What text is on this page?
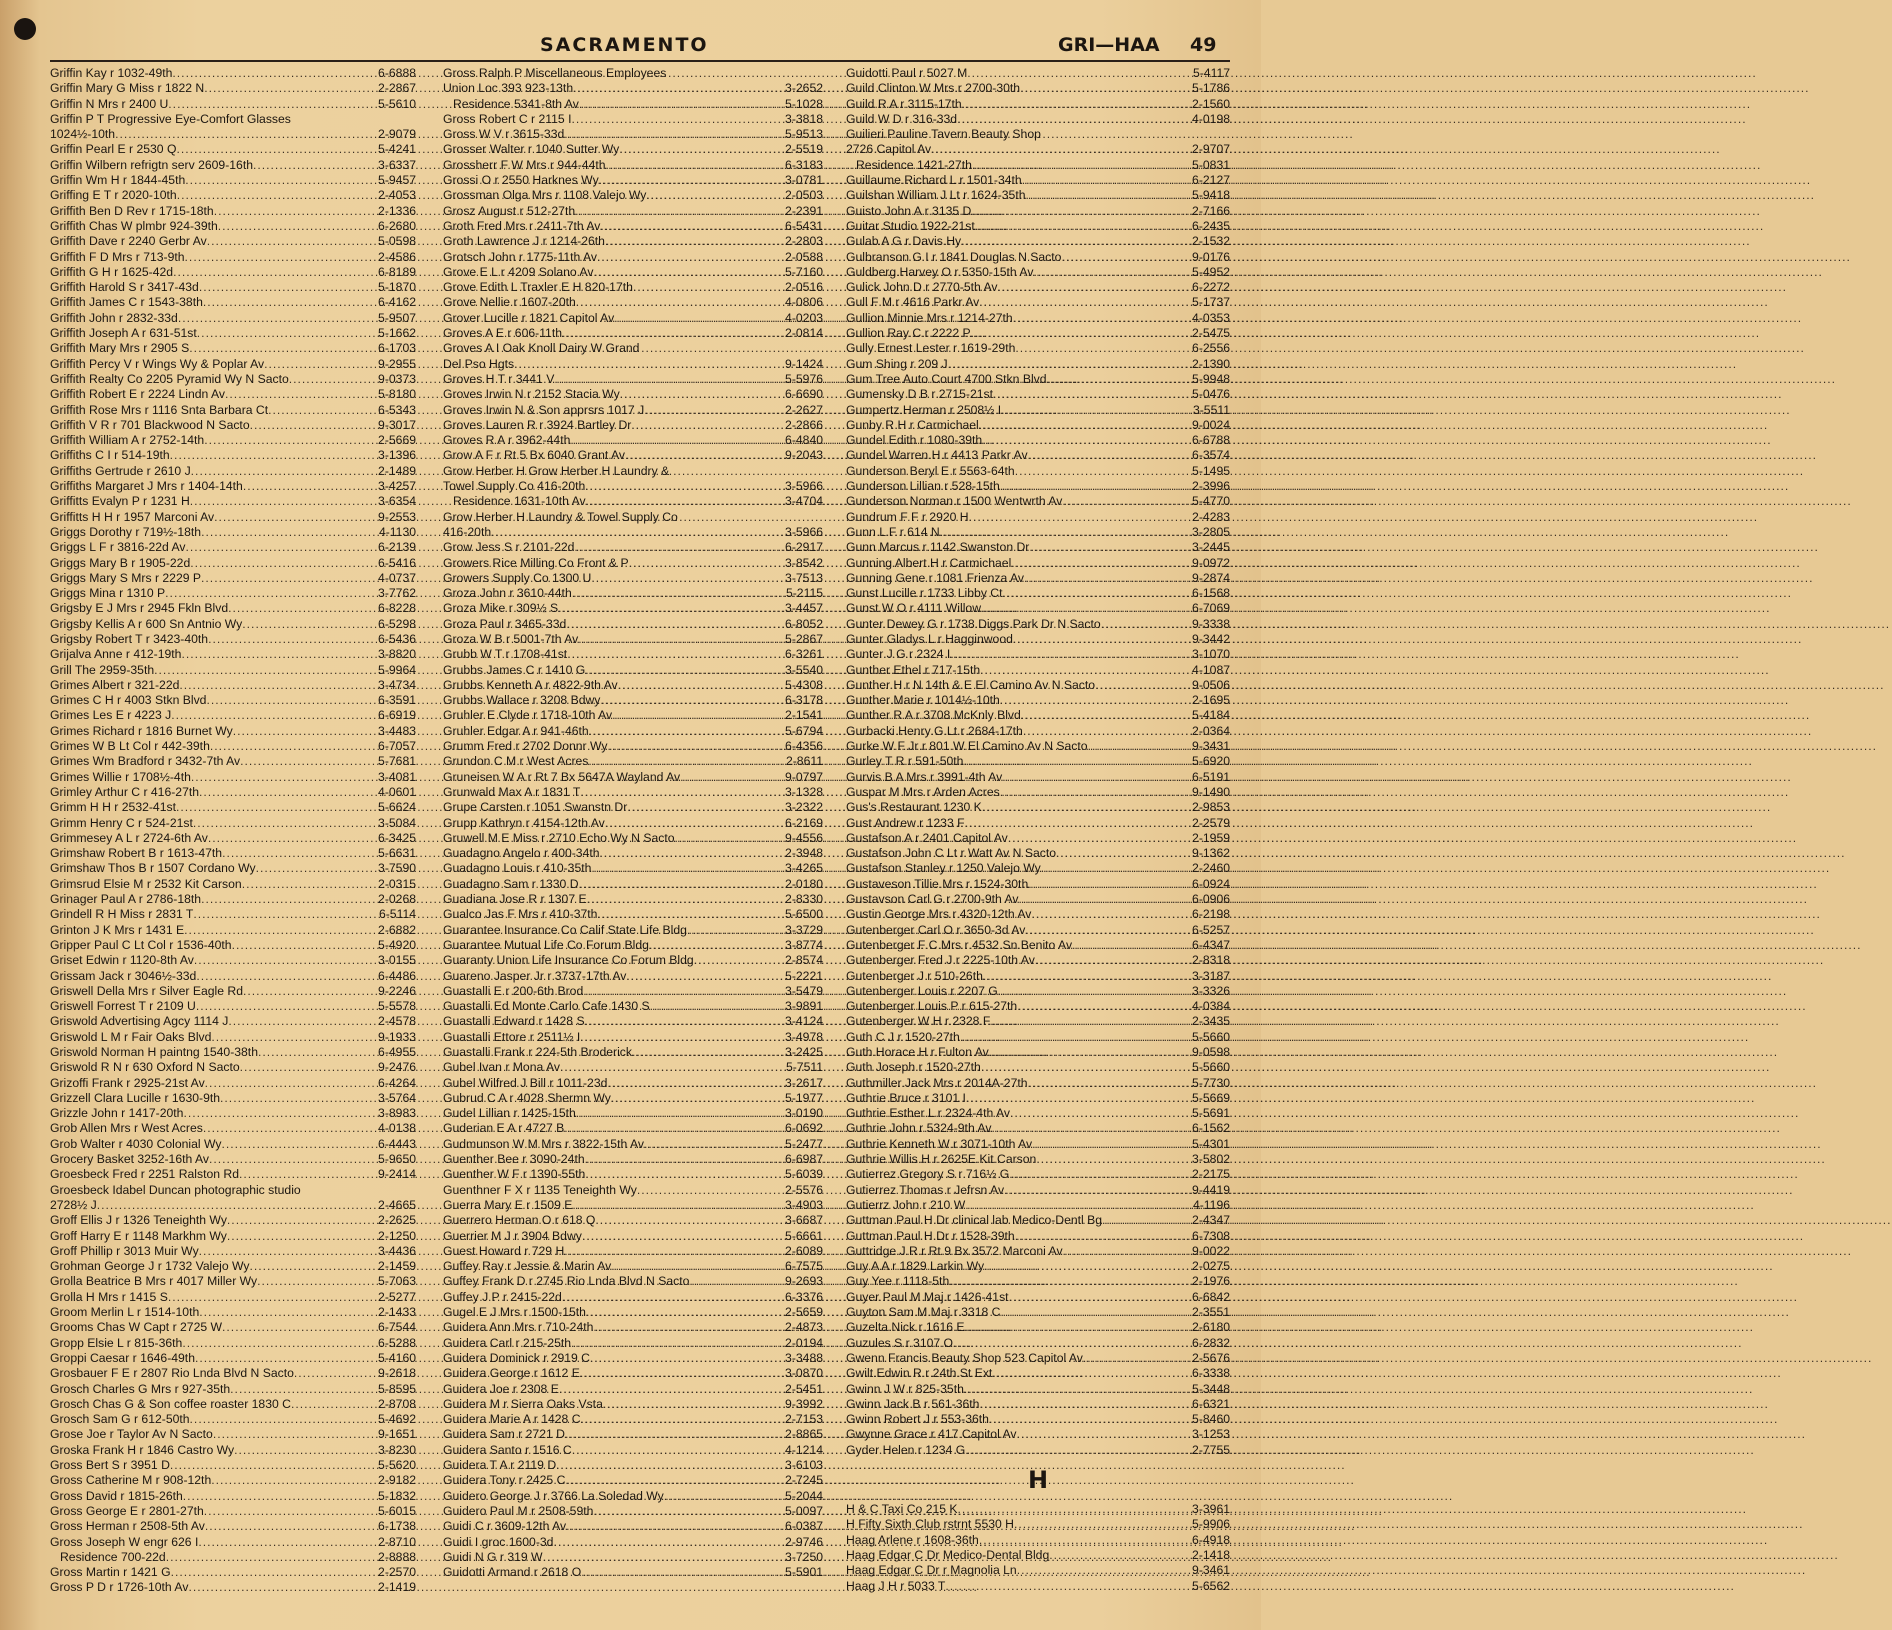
SACRAMENTO	GRI—HAA 49
Griffin Kay r 1032-49th .....	6-6888
Griffin Mary G Miss r 1822 N .....	2-2867
Griffin N Mrs r 2400 U .....	5-5610
Griffin P T Progressive Eye-Comfort Glasses
1024½-10th .....	2-9079
Griffin Pearl E r 2530 Q .....	5-4241
Griffin Wilbern refrigtn serv 2609-16th .....	3-6337
Griffin Wm H r 1844-45th .....	5-9457
Griffing E T r 2020-10th .....	2-4053
Griffith Ben D Rev r 1715-18th .....	2-1336
Griffith Chas W plmbr 924-39th .....	6-2680
Griffith Dave r 2240 Gerbr Av .....	5-0598
Griffith F D Mrs r 713-9th .....	2-4586
Griffith G H r 1625-42d .....	6-8189
Griffith Harold S r 3417-43d .....	5-1870
Griffith James C r 1543-38th .....	6-4162
Griffith John r 2832-33d .....	5-9507
Griffith Joseph A r 631-51st .....	5-1662
Griffith Mary Mrs r 2905 S .....	6-1703
Griffith Percy V r Wings Wy & Poplar Av .....	9-2955
Griffith Realty Co 2205 Pyramid Wy N Sacto .....	9-0373
Griffith Robert E r 2224 Lindn Av .....	5-8180
Griffith Rose Mrs r 1116 Snta Barbara Ct .....	6-5343
Griffith V R r 701 Blackwood N Sacto .....	9-3017
Griffith William A r 2752-14th .....	2-5669
Griffiths C I r 514-19th .....	3-1396
Griffiths Gertrude r 2610 J .....	2-1489
Griffiths Margaret J Mrs r 1404-14th .....	3-4257
Griffitts Evalyn P r 1231 H .....	3-6354
Griffitts H H r 1957 Marconi Av .....	9-2553
Griggs Dorothy r 719½-18th .....	4-1130
Griggs L F r 3816-22d Av .....	6-2139
Griggs Mary B r 1905-22d .....	6-5416
Griggs Mary S Mrs r 2229 P .....	4-0737
Griggs Mina r 1310 P .....	3-7762
Grigsby E J Mrs r 2945 Fkln Blvd .....	6-8228
Grigsby Kellis A r 600 Sn Antnio Wy .....	6-5298
Grigsby Robert T r 3423-40th .....	6-5436
Grijalva Anne r 412-19th .....	3-8820
Grill The 2959-35th .....	5-9964
Grimes Albert r 321-22d .....	3-4734
Grimes C H r 4003 Stkn Blvd .....	6-3591
Grimes Les E r 4223 J .....	6-6919
Grimes Richard r 1816 Burnet Wy .....	3-4483
Grimes W B Lt Col r 442-39th .....	6-7057
Grimes Wm Bradford r 3432-7th Av .....	5-7681
Grimes Willie r 1708½-4th .....	3-4081
Grimley Arthur C r 416-27th .....	4-0601
Grimm H H r 2532-41st .....	5-6624
Grimm Henry C r 524-21st .....	3-5084
Grimmesey A L r 2724-6th Av .....	6-3425
Grimshaw Robert B r 1613-47th .....	5-6631
Grimshaw Thos B r 1507 Cordano Wy .....	3-7590
Grimsrud Elsie M r 2532 Kit Carson .....	2-0315
Grinager Paul A r 2786-18th .....	2-0268
Grindell R H Miss r 2831 T .....	6-5114
Grinton J K Mrs r 1431 E .....	2-6882
Gripper Paul C Lt Col r 1536-40th .....	5-4920
Griset Edwin r 1120-8th Av .....	3-0155
Grissam Jack r 3046½-33d .....	6-4486
Griswell Della Mrs r Silver Eagle Rd .....	9-2246
Griswell Forrest T r 2109 U .....	5-5578
Griswold Advertising Agcy 1114 J .....	2-4578
Griswold L M r Fair Oaks Blvd .....	9-1933
Griswold Norman H paintng 1540-38th .....	6-4955
Griswold R N r 630 Oxford N Sacto .....	9-2476
Grizoffi Frank r 2925-21st Av .....	6-4264
Grizzell Clara Lucille r 1630-9th .....	3-5764
Grizzle John r 1417-20th .....	3-8983
Grob Allen Mrs r West Acres .....	4-0138
Grob Walter r 4030 Colonial Wy .....	6-4443
Grocery Basket 3252-16th Av .....	5-9650
Groesbeck Fred r 2251 Ralston Rd .....	9-2414
Groesbeck Idabel Duncan photographic studio
2728½ J .....	2-4665
Groff Ellis J r 1326 Teneighth Wy .....	2-2625
Groff Harry E r 1148 Markhm Wy .....	2-1250
Groff Phillip r 3013 Muir Wy .....	3-4436
Grohman George J r 1732 Valejo Wy .....	2-1459
Grolla Beatrice B Mrs r 4017 Miller Wy .....	5-7063
Grolla H Mrs r 1415 S .....	2-5277
Groom Merlin L r 1514-10th .....	2-1433
Grooms Chas W Capt r 2725 W .....	6-7544
Gropp Elsie L r 815-36th .....	6-5288
Groppi Caesar r 1646-49th .....	5-4160
Grosbauer F E r 2807 Rio Lnda Blvd N Sacto .....	9-2618
Grosch Charles G Mrs r 927-35th .....	5-8595
Grosch Chas G & Son coffee roaster 1830 C .....	2-8708
Grosch Sam G r 612-50th .....	5-4692
Grose Joe r Taylor Av N Sacto .....	9-1651
Groska Frank H r 1846 Castro Wy .....	3-8230
Gross Bert S r 3951 D .....	5-5620
Gross Catherine M r 908-12th .....	2-9182
Gross David r 1815-26th .....	5-1832
Gross George E r 2801-27th .....	5-6015
Gross Herman r 2508-5th Av .....	6-1738
Gross Joseph W engr 626 I .....	2-8710
Residence 700-22d .....	2-8888
Gross Martin r 1421 G .....	2-2570
Gross P D r 1726-10th Av .....	2-1419
Gross Ralph P Miscellaneous Employees
Union Loc 393 923-13th .....	3-2652
Residence 5341-8th Av .....	5-1028
Gross Robert C r 2115 I .....	3-3818
Gross W V r 3615-33d .....	5-9513
Grosser Walter r 1040 Sutter Wy .....	2-5519
Grossherr F W Mrs r 944-44th .....	6-3183
Grossi O r 2550 Harknes Wy .....	3-0781
Grossman Olga Mrs r 1108 Valejo Wy .....	2-0503
Grosz August r 512-27th .....	2-2391
Groth Fred Mrs r 2411-7th Av .....	6-5431
Groth Lawrence J r 1214-26th .....	2-2803
Grotsch John r 1775-11th Av .....	2-0588
Grove E L r 4209 Solano Av .....	5-7160
Grove Edith L Traxler E H 820-17th .....	2-0516
Grove Nellie r 1607-20th .....	4-0806
Grover Lucille r 1821 Capitol Av .....	4-0203
Groves A E r 606-11th .....	2-0814
Groves A I Oak Knoll Dairy W Grand
Del Pso Hgts .....	9-1424
Groves H T r 3441 V .....	5-5976
Groves Irwin N r 2152 Stacia Wy .....	6-6690
Groves Irwin N & Son apprsrs 1017 J .....	2-2627
Groves Lauren R r 3924 Bartley Dr .....	2-2866
Groves R A r 3962-44th .....	6-4840
Grow A F r Rt 5 Bx 6040 Grant Av .....	9-2043
Grow Herber H Grow Herber H Laundry &
Towel Supply Co 416-20th .....	3-5966
Residence 1631-10th Av .....	3-4704
Grow Herber H Laundry & Towel Supply Co
416-20th .....	3-5966
Grow Jess S r 2101-22d .....	6-2917
Growers Rice Milling Co Front & P .....	3-8542
Growers Supply Co 1300 U .....	3-7513
Groza John r 3610-44th .....	5-2115
Groza Mike r 309½ S .....	3-4457
Groza Paul r 3465-33d .....	6-8052
Groza W B r 5001-7th Av .....	5-2867
Grubb W T r 1708-41st .....	6-3261
Grubbs James C r 1410 G .....	3-5540
Grubbs Kenneth A r 4822-9th Av .....	5-4308
Grubbs Wallace r 3208 Bdwy .....	6-3178
Gruhler E Clyde r 1718-10th Av .....	2-1541
Gruhler Edgar A r 941-46th .....	5-6794
Grumm Fred r 2702 Donnr Wy .....	6-4356
Grundon C M r West Acres .....	2-8611
Gruneisen W A r Rt 7 Bx 5647A Wayland Av .....	9-0797
Grunwald Max A r 1831 T .....	3-1328
Grupe Carsten r 1051 Swanstn Dr .....	3-2322
Grupp Kathryn r 4154-12th Av .....	6-2169
Gruwell M E Miss r 2710 Echo Wy N Sacto .....	9-4556
Guadagno Angelo r 400-34th .....	2-3948
Guadagno Louis r 410-35th .....	3-4265
Guadagno Sam r 1330 D .....	2-0180
Guadiana Jose R r 1307 E .....	2-8330
Gualco Jas F Mrs r 410-37th .....	5-6500
Guarantee Insurance Co Calif State Life Bldg .....	3-3729
Guarantee Mutual Life Co Forum Bldg .....	3-8774
Guaranty Union Life Insurance Co Forum Bldg .....	2-8574
Guareno Jasper Jr r 3737-17th Av .....	5-2221
Guastalli E r 200-6th Brod .....	3-5479
Guastalli Ed Monte Carlo Cafe 1430 S .....	3-9891
Guastalli Edward r 1428 S .....	3-4124
Guastalli Ettore r 2511½ I .....	3-4978
Guastalli Frank r 224-5th Broderick .....	3-2425
Gubel Ivan r Mona Av .....	5-7511
Gubel Wilfred J Bill r 1011-23d .....	3-2617
Gubrud C A r 4028 Shermn Wy .....	5-1977
Gudel Lillian r 1425-15th .....	3-0190
Guderian E A r 4727 B .....	6-0692
Gudmunson W M Mrs r 3822-15th Av .....	5-2477
Guenther Bee r 3090-24th .....	6-6987
Guenther W F r 1390-55th .....	5-6039
Guenthner F X r 1135 Teneighth Wy .....	2-5576
Guerra Mary E r 1509 E .....	3-4903
Guerrero Herman O r 618 Q .....	3-6687
Guerrier M J r 3904 Bdwy .....	5-6661
Guest Howard r 729 H .....	2-6089
Guffey Ray r Jessie & Marin Av .....	6-7575
Guffey Frank D r 2745 Rio Lnda Blvd N Sacto .....	9-2693
Guffey J P r 2415-22d .....	6-3376
Gugel E J Mrs r 1500-15th .....	2-5659
Guidera Ann Mrs r 710-24th .....	2-4873
Guidera Carl r 215-25th .....	2-0194
Guidera Dominick r 2919 C .....	3-3488
Guidera George r 1612 E .....	3-0870
Guidera Joe r 2308 E .....	2-5451
Guidera M r Sierra Oaks Vsta .....	9-3992
Guidera Marie A r 1428 C .....	2-7153
Guidera Sam r 2721 D .....	2-8865
Guidera Santo r 1516 C .....	4-1214
Guidera T A r 2119 D .....	3-6103
Guidera Tony r 2425 C .....	2-7245
Guidero George J r 3766 La Soledad Wy .....	5-2044
Guidero Paul M r 2508-59th .....	5-0097
Guidi C r 3609-12th Av .....	6-0387
Guidi I groc 1600-3d .....	2-9746
Guidi N G r 319 W .....	3-7250
Guidotti Armand r 2618 O .....	5-5901
Guidotti Paul r 5027 M .....	5-4117
Guild Clinton W Mrs r 2700-30th .....	5-1786
Guild R A r 3115-17th .....	2-1560
Guild W D r 316-33d .....	4-0198
Guilieri Pauline Tavern Beauty Shop
2726 Capitol Av .....	2-9707
Residence 1421-27th .....	5-0831
Guillaume Richard L r 1501-34th .....	6-2127
Guilshan William J Lt r 1624-35th .....	5-9418
Guisto John A r 3135 D .....	2-7166
Guitar Studio 1922-21st .....	6-2435
Gulab A G r Davis Hy .....	2-1532
Gulbranson G I r 1841 Douglas N Sacto .....	9-0176
Guldberg Harvey O r 5350-15th Av .....	5-4952
Gulick John D r 2770-5th Av .....	6-2272
Gull F M r 4616 Parkr Av .....	5-1737
Gullion Minnie Mrs r 1214-27th .....	4-0353
Gullion Ray C r 2222 P .....	2-5475
Gully Ernest Lester r 1619-29th .....	6-2556
Gum Shing r 209 J .....	2-1390
Gum Tree Auto Court 4700 Stkn Blvd .....	5-9948
Gumensky D B r 2715-21st .....	5-0476
Gumpertz Herman r 2508½ I .....	3-5511
Gunby R H r Carmichael .....	9-0024
Gundel Edith r 1080-39th .....	6-6788
Gundel Warren H r 4413 Parkr Av .....	6-3574
Gunderson Beryl E r 5563-64th .....	5-1495
Gunderson Lillian r 528-15th .....	2-3996
Gunderson Norman r 1500 Wentwrth Av .....	5-4770
Gundrum F F r 2920 H .....	2-4283
Gunn L F r 614 N .....	3-2805
Gunn Marcus r 1142 Swanston Dr .....	3-2445
Gunning Albert H r Carmichael .....	9-0972
Gunning Gene r 1081 Frienza Av .....	9-2874
Gunst Lucille r 1733 Libby Ct .....	6-1568
Gunst W O r 4111 Willow .....	6-7069
Gunter Dewey G r 1738 Diggs Park Dr N Sacto .....	9-3338
Gunter Gladys L r Hagginwood .....	9-3442
Gunter J G r 2324 I .....	3-1070
Gunther Ethel r 717-15th .....	4-1087
Gunther H r N 14th & E El Camino Av N Sacto .....	9-0506
Gunther Marie r 1014½-10th .....	2-1695
Gunther R A r 3708 McKnly Blvd .....	5-4184
Gurbacki Henry G Lt r 2684-17th .....	2-0364
Gurke W F Jr r 801 W El Camino Av N Sacto .....	9-3431
Gurley T R r 591-50th .....	5-6920
Gurvis B A Mrs r 3991-4th Av .....	6-5191
Guspar M Mrs r Arden Acres .....	9-1490
Gus's Restaurant 1230 K .....	2-9853
Gust Andrew r 1233 F .....	2-2579
Gustafson A r 2401 Capitol Av .....	2-1959
Gustafson John C Lt r Watt Av N Sacto .....	9-1362
Gustafson Stanley r 1250 Valejo Wy .....	2-2460
Gustaveson Tillie Mrs r 1524-30th .....	6-0924
Gustavson Carl G r 2700-9th Av .....	6-0906
Gustin George Mrs r 4320-12th Av .....	6-2198
Gutenberger Carl O r 3650-3d Av .....	6-5257
Gutenberger F C Mrs r 4532 Sn Benito Av .....	6-4347
Gutenberger Fred J r 2225-10th Av .....	2-8318
Gutenberger J r 510-26th .....	3-3187
Gutenberger Louis r 2207 G .....	3-3326
Gutenberger Louis P r 615-27th .....	4-0384
Gutenberger W H r 2328 F .....	2-3435
Guth C J r 1520-27th .....	5-5660
Guth Horace H r Fulton Av .....	9-0598
Guth Joseph r 1520-27th .....	5-5660
Guthmiller Jack Mrs r 2014A-27th .....	5-7730
Guthrie Bruce r 3101 I .....	5-5669
Guthrie Esther L r 2324-4th Av .....	5-5691
Guthrie John r 5324-9th Av .....	6-1562
Guthrie Kenneth W r 3071-10th Av .....	5-4301
Guthrie Willis H r 2625E Kit Carson .....	3-5802
Gutierrez Gregory S r 716½ G .....	2-2175
Gutierrez Thomas r Jefrsn Av .....	9-4419
Gutierrz John r 210 W .....	4-1196
Guttman Paul H Dr clinical lab Medico-Dentl Bg .....	2-4347
Guttman Paul H Dr r 1528-39th .....	6-7308
Guttridge J R r Rt 9 Bx 3572 Marconi Av .....	9-0022
Guy A A r 1829 Larkin Wy .....	2-0275
Guy Yee r 1118-5th .....	2-1976
Guyer Paul M Maj r 1426-41st .....	6-6842
Guyton Sam M Maj r 3318 C .....	2-3551
Guzelta Nick r 1616 E .....	2-6180
Guzules S r 3107 O .....	6-2832
Gwenn Francis Beauty Shop 523 Capitol Av .....	2-5676
Gwilt Edwin R r 24th St Ext .....	6-3338
Gwinn J W r 825-35th .....	5-3448
Gwinn Jack B r 561-36th .....	6-6321
Gwinn Robert J r 553-36th .....	5-8460
Gwynne Grace r 417 Capitol Av .....	3-1253
Gyder Helen r 1234 G .....	2-7755
H
H & C Taxi Co 215 K .....	3-3961
H Fifty Sixth Club rstrnt 5530 H .....	5-9906
Haag Arlene r 1608-36th .....	6-4918
Haag Edgar C Dr Medico-Dental Bldg .....	2-1418
Haag Edgar C Dr r Magnolia Ln .....	9-3461
Haag J H r 5033 T .....	5-6562
